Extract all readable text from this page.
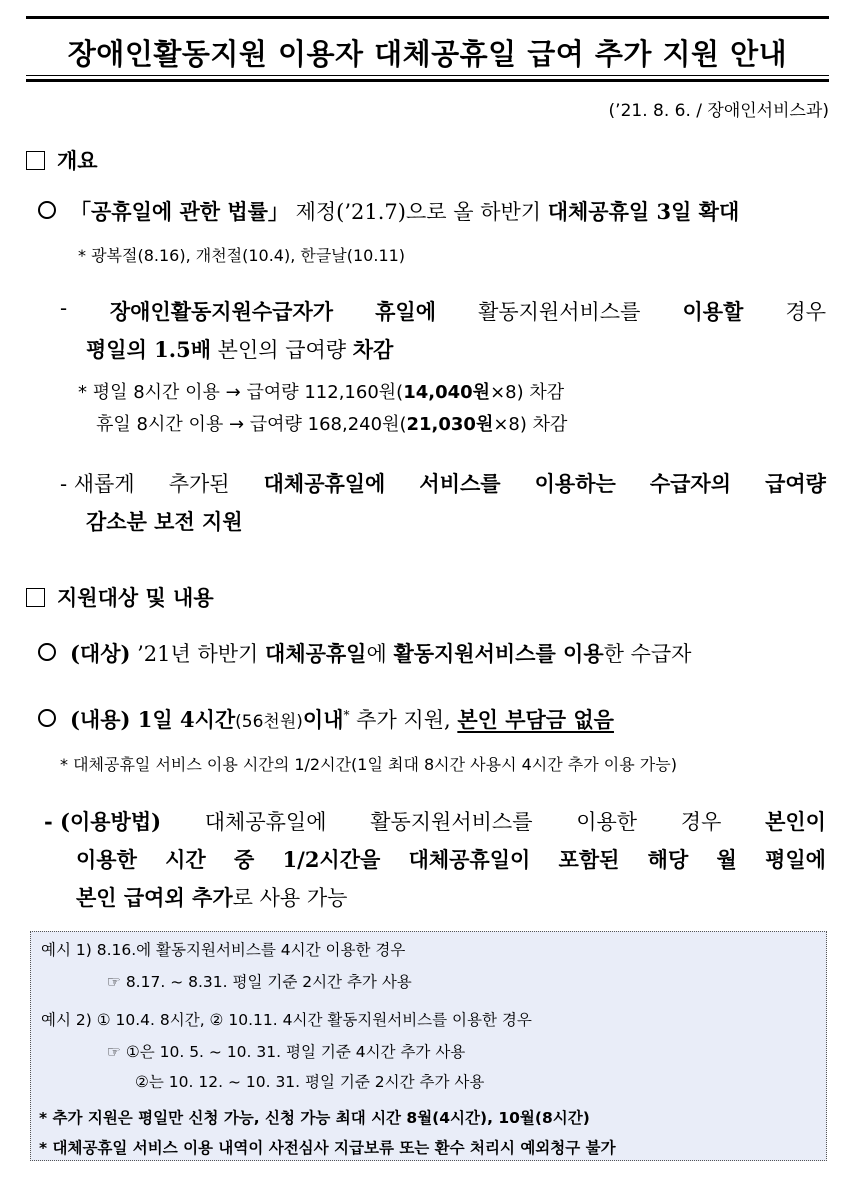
장애인활동지원 이용자 대체공휴일 급여 추가 지원 안내
(’21. 8. 6. / 장애인서비스과)
개요
「공휴일에 관한 법률」 제정(’21.7)으로 올 하반기 대체공휴일 3일 확대
* 광복절(8.16), 개천절(10.4), 한글날(10.11)
- 장애인활동지원수급자가 휴일에 활동지원서비스를 이용할 경우
평일의 1.5배 본인의 급여량 차감
* 평일 8시간 이용 → 급여량 112,160원(14,040원×8) 차감
휴일 8시간 이용 → 급여량 168,240원(21,030원×8) 차감
- 새롭게 추가된 대체공휴일에 서비스를 이용하는 수급자의 급여량
감소분 보전 지원
지원대상 및 내용
(대상) ’21년 하반기 대체공휴일에 활동지원서비스를 이용한 수급자
(내용) 1일 4시간(56천원)이내* 추가 지원, 본인 부담금 없음
* 대체공휴일 서비스 이용 시간의 1/2시간(1일 최대 8시간 사용시 4시간 추가 이용 가능)
- (이용방법) 대체공휴일에 활동지원서비스를 이용한 경우 본인이
이용한 시간 중 1/2시간을 대체공휴일이 포함된 해당 월 평일에
본인 급여외 추가로 사용 가능
예시 1) 8.16.에 활동지원서비스를 4시간 이용한 경우
☞ 8.17. ~ 8.31. 평일 기준 2시간 추가 사용
예시 2) ① 10.4. 8시간, ② 10.11. 4시간 활동지원서비스를 이용한 경우
☞ ①은 10. 5. ~ 10. 31. 평일 기준 4시간 추가 사용
②는 10. 12. ~ 10. 31. 평일 기준 2시간 추가 사용
* 추가 지원은 평일만 신청 가능, 신청 가능 최대 시간 8월(4시간), 10월(8시간)
* 대체공휴일 서비스 이용 내역이 사전심사 지급보류 또는 환수 처리시 예외청구 불가
